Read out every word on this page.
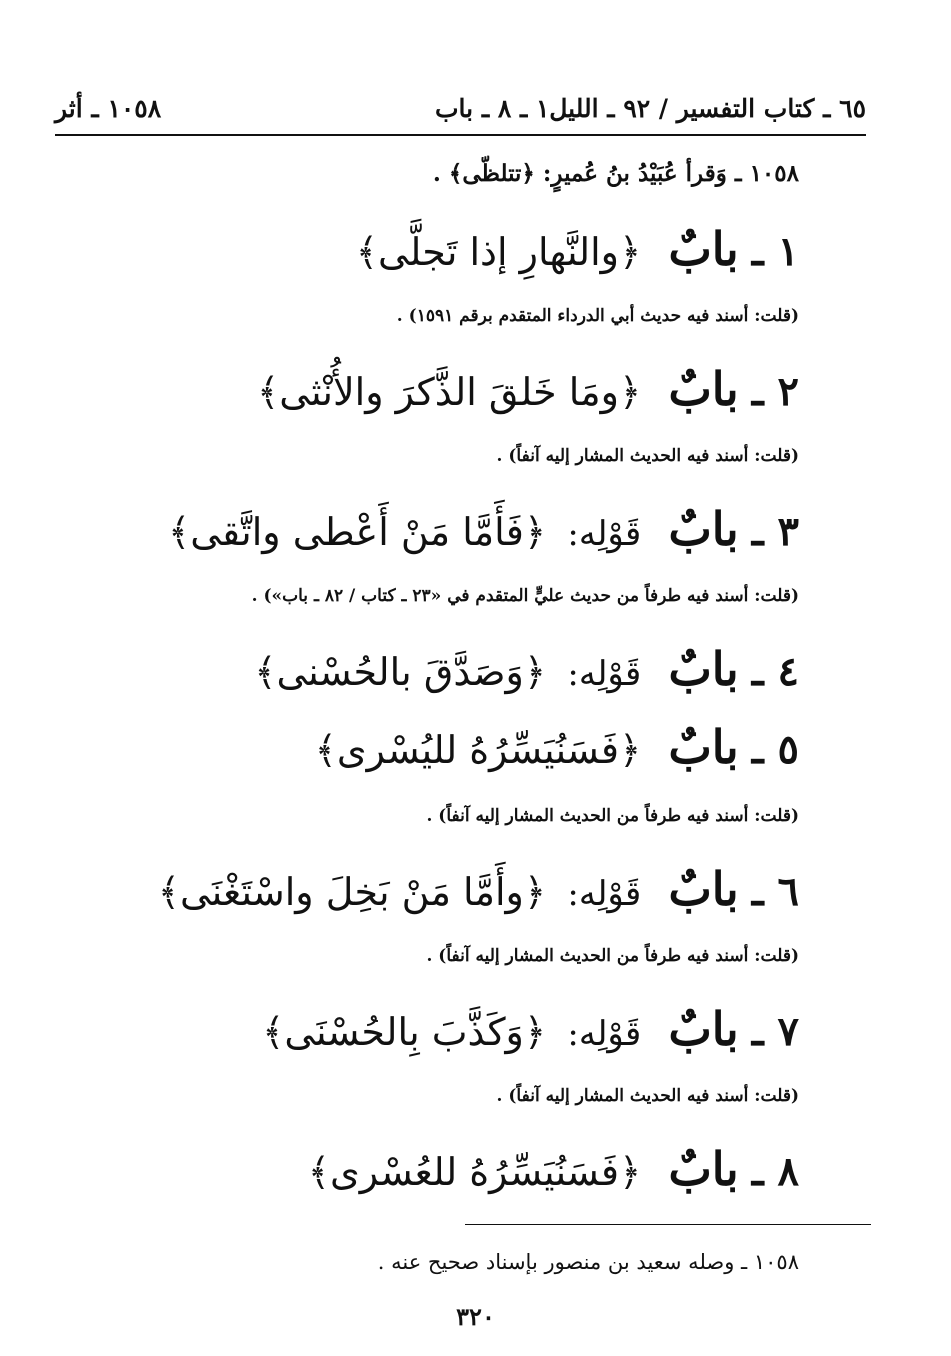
٦٥ ـ كتاب التفسير / ٩٢ ـ الليل
١ ـ ٨ ـ باب
١٠٥٨ ـ أثر
١٠٥٨ ـ وَقرأ عُبَيْدُ بنُ عُميرٍ: ﴿تتلظّى﴾ .
١ ـ بابٌ ﴿والنَّهارِ إذا تَجلَّى﴾
(قلت: أسند فيه حديث أبي الدرداء المتقدم برقم ١٥٩١) .
٢ ـ بابٌ ﴿ومَا خَلقَ الذَّكرَ والأُنْثى﴾
(قلت: أسند فيه الحديث المشار إليه آنفاً) .
٣ ـ بابٌ قَوْلِه: ﴿فَأَمَّا مَنْ أَعْطى واتَّقى﴾
(قلت: أسند فيه طرفاً من حديث عليٍّ المتقدم في «٢٣ ـ كتاب / ٨٢ ـ باب») .
٤ ـ بابٌ قَوْلِه: ﴿وَصَدَّقَ بالحُسْنى﴾
٥ ـ بابٌ ﴿فَسَنُيَسِّرُهُ لليُسْرى﴾
(قلت: أسند فيه طرفاً من الحديث المشار إليه آنفاً) .
٦ ـ بابٌ قَوْلِه: ﴿وأَمَّا مَنْ بَخِلَ واسْتَغْنَى﴾
(قلت: أسند فيه طرفاً من الحديث المشار إليه آنفاً) .
٧ ـ بابٌ قَوْلِه: ﴿وَكَذَّبَ بِالحُسْنَى﴾
(قلت: أسند فيه الحديث المشار إليه آنفاً) .
٨ ـ بابٌ ﴿فَسَنُيَسِّرُهُ للعُسْرى﴾
١٠٥٨ ـ وصله سعيد بن منصور بإسناد صحيح عنه .
٣٢٠
